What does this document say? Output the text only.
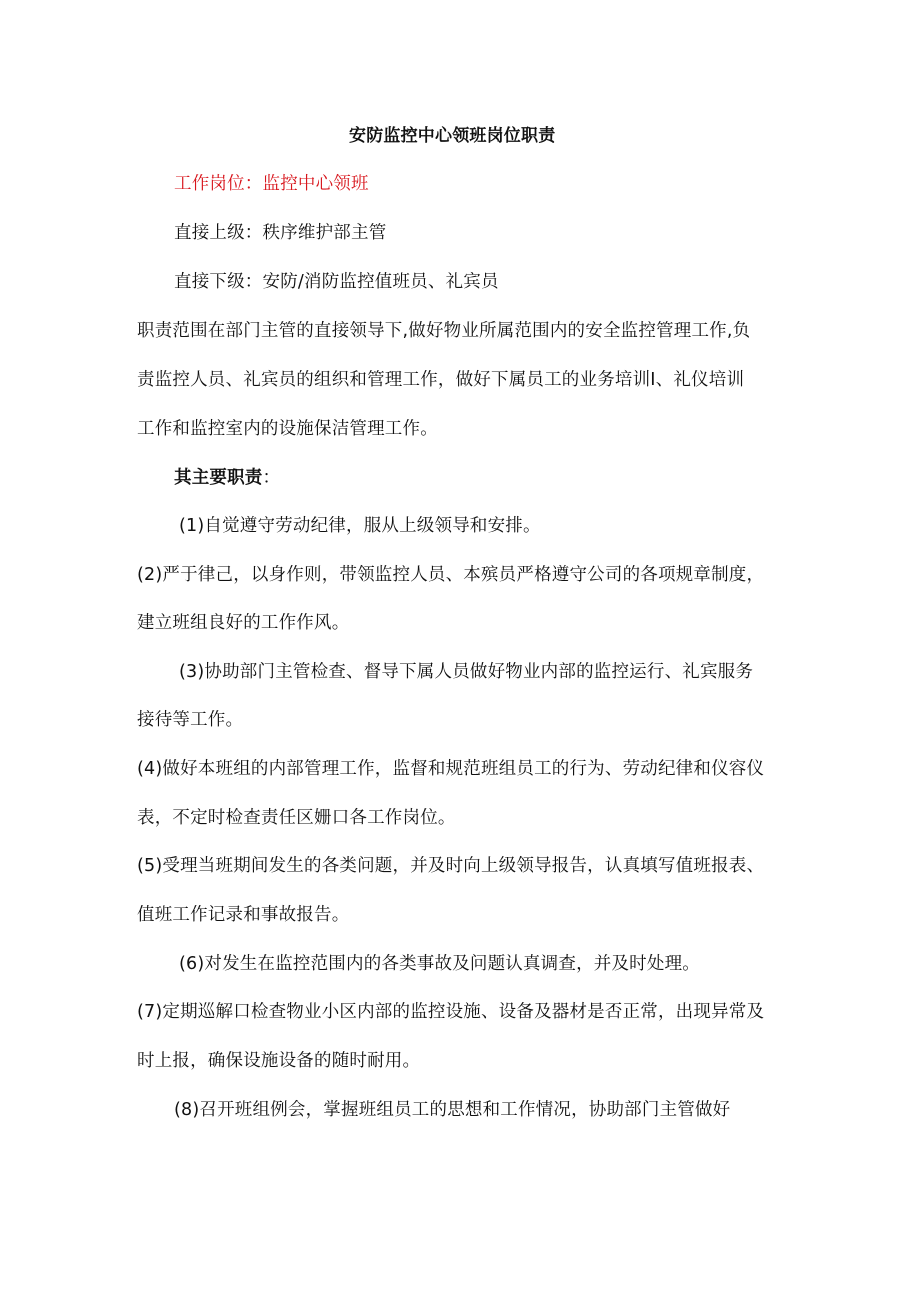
安防监控中心领班岗位职责
工作岗位：监控中心领班
直接上级：秩序维护部主管
直接下级：安防/消防监控值班员、礼宾员
职责范围在部门主管的直接领导下,做好物业所属范围内的安全监控管理工作,负
责监控人员、礼宾员的组织和管理工作，做好下属员工的业务培训I、礼仪培训
工作和监控室内的设施保洁管理工作。
其主要职责：
(1)自觉遵守劳动纪律，服从上级领导和安排。
(2)严于律己，以身作则，带领监控人员、本殡员严格遵守公司的各项规章制度，
建立班组良好的工作作风。
(3)协助部门主管检查、督导下属人员做好物业内部的监控运行、礼宾服务
接待等工作。
(4)做好本班组的内部管理工作，监督和规范班组员工的行为、劳动纪律和仪容仪
表，不定时检查责任区姗口各工作岗位。
(5)受理当班期间发生的各类问题，并及时向上级领导报告，认真填写值班报表、
值班工作记录和事故报告。
(6)对发生在监控范围内的各类事故及问题认真调查，并及时处理。
(7)定期巡解口检查物业小区内部的监控设施、设备及器材是否正常，出现异常及
时上报，确保设施设备的随时耐用。
(8)召开班组例会，掌握班组员工的思想和工作情况，协助部门主管做好
